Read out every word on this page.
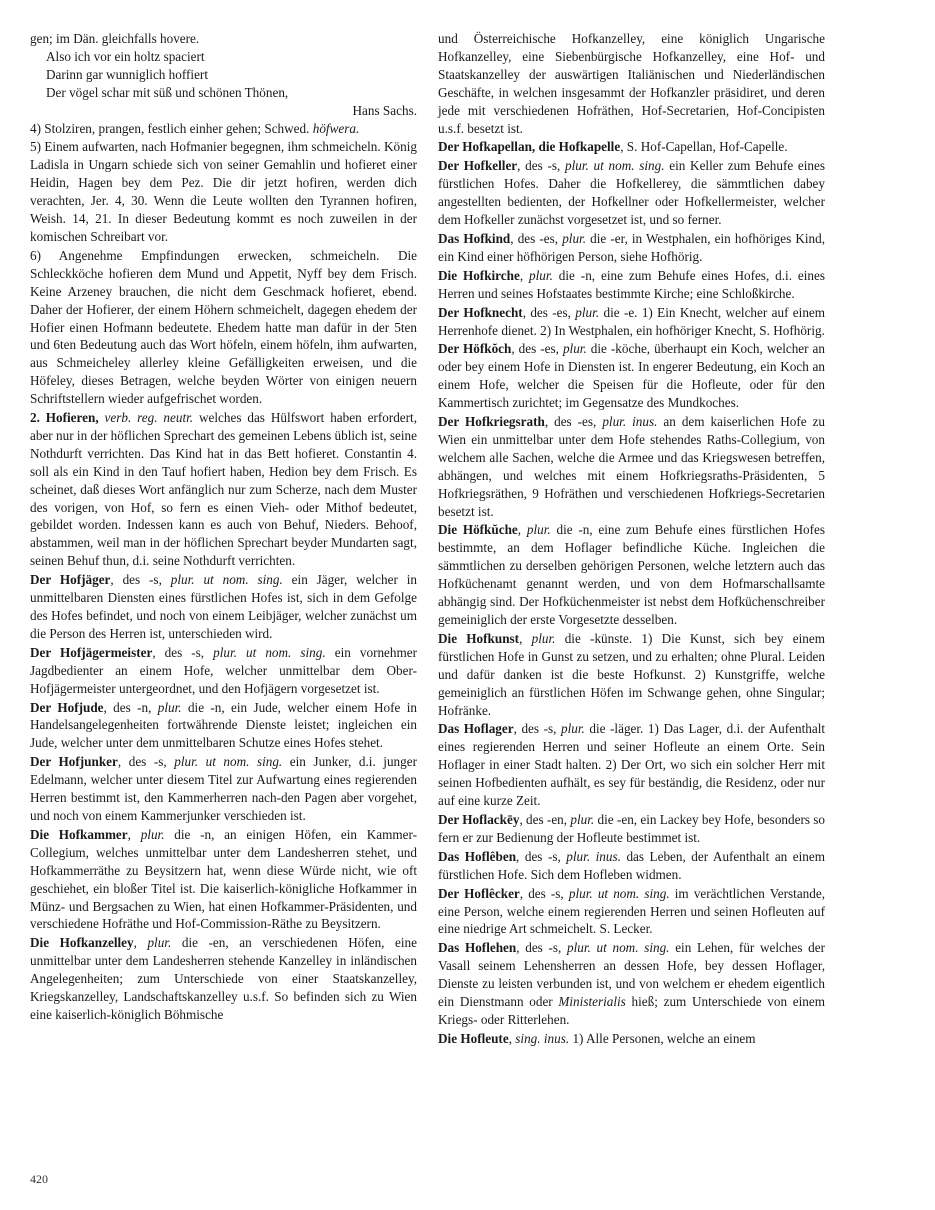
gen; im Dän. gleichfalls hovere.

Also ich vor ein holtz spaciert
Darinn gar wunniglich hoffiert
Der vögel schar mit süß und schönen Thönen,

Hans Sachs.

4) Stolziren, prangen, festlich einher gehen; Schwed. höfwera.

5) Einem aufwarten, nach Hofmanier begegnen, ihm schmeicheln. König Ladisla in Ungarn schiede sich von seiner Gemahlin und hofieret einer Heidin, Hagen bey dem Pez. Die dir jetzt hofiren, werden dich verachten, Jer. 4, 30. Wenn die Leute wollten den Tyrannen hofiren, Weish. 14, 21. In dieser Bedeutung kommt es noch zuweilen in der komischen Schreibart vor.

6) Angenehme Empfindungen erwecken, schmeicheln. Die Schleckköche hofieren dem Mund und Appetit, Nyff bey dem Frisch. Keine Arzeney brauchen, die nicht dem Geschmack hofieret, ebend. Daher der Hofierer, der einem Höhern schmeichelt, dagegen ehedem der Hofier einen Hofmann bedeutete. Ehedem hatte man dafür in der 5ten und 6ten Bedeutung auch das Wort höfeln, einem höfeln, ihm aufwarten, aus Schmeicheley allerley kleine Gefälligkeiten erweisen, und die Höfeley, dieses Betragen, welche beyden Wörter von einigen neuern Schriftstellern wieder aufgefrischet worden.

2. Hofieren, verb. reg. neutr. welches das Hülfswort haben erfordert, aber nur in der höflichen Sprechart des gemeinen Lebens üblich ist, seine Nothdurft verrichten. Das Kind hat in das Bett hofieret. Constantin 4. soll als ein Kind in den Tauf hofiert haben, Hedion bey dem Frisch. Es scheinet, daß dieses Wort anfänglich nur zum Scherze, nach dem Muster des vorigen, von Hof, so fern es einen Vieh- oder Mithof bedeutet, gebildet worden. Indessen kann es auch von Behuf, Nieders. Behoof, abstammen, weil man in der höflichen Sprechart beyder Mundarten sagt, seinen Behuf thun, d.i. seine Nothdurft verrichten.

Der Hofjäger, des -s, plur. ut nom. sing. ein Jäger, welcher in unmittelbaren Diensten eines fürstlichen Hofes ist, sich in dem Gefolge des Hofes befindet, und noch von einem Leibjäger, welcher zunächst um die Person des Herren ist, unterschieden wird.

Der Hofjägermeister, des -s, plur. ut nom. sing. ein vornehmer Jagdbedienter an einem Hofe, welcher unmittelbar dem Ober-Hofjägermeister untergeordnet, und den Hofjägern vorgesetzet ist.

Der Hofjude, des -n, plur. die -n, ein Jude, welcher einem Hofe in Handelsangelegenheiten fortwährende Dienste leistet; ingleichen ein Jude, welcher unter dem unmittelbaren Schutze eines Hofes stehet.

Der Hofjunker, des -s, plur. ut nom. sing. ein Junker, d.i. junger Edelmann, welcher unter diesem Titel zur Aufwartung eines regierenden Herren bestimmt ist, den Kammerherren nach-den Pagen aber vorgehet, und noch von einem Kammerjunker verschieden ist.

Die Hofkammer, plur. die -n, an einigen Höfen, ein Kammer-Collegium, welches unmittelbar unter dem Landesherren stehet, und Hofkammerräthe zu Beysitzern hat, wenn diese Würde nicht, wie oft geschiehet, ein bloßer Titel ist. Die kaiserlich-königliche Hofkammer in Münz- und Bergsachen zu Wien, hat einen Hofkammer-Präsidenten, und verschiedene Hofräthe und Hof-Commission-Räthe zu Beysitzern.

Die Hofkanzelley, plur. die -en, an verschiedenen Höfen, eine unmittelbar unter dem Landesherren stehende Kanzelley in inländischen Angelegenheiten; zum Unterschiede von einer Staatskanzelley, Kriegskanzelley, Landschaftskanzelley u.s.f. So befinden sich zu Wien eine kaiserlich-königlich Böhmische

und Österreichische Hofkanzelley, eine königlich Ungarische Hofkanzelley, eine Siebenbürgische Hofkanzelley, eine Hof- und Staatskanzelley der auswärtigen Italiänischen und Niederländischen Geschäfte, in welchen insgesammt der Hofkanzler präsidiret, und deren jede mit verschiedenen Hofräthen, Hof-Secretarien, Hof-Concipisten u.s.f. besetzt ist.

Der Hofkapellan, die Hofkapelle, S. Hof-Capellan, Hof-Capelle.

Der Hofkeller, des -s, plur. ut nom. sing. ein Keller zum Behufe eines fürstlichen Hofes. Daher die Hofkellerey, die sämmtlichen dabey angestellten bedienten, der Hofkellner oder Hofkellermeister, welcher dem Hofkeller zunächst vorgesetzet ist, und so ferner.

Das Hofkind, des -es, plur. die -er, in Westphalen, ein hofhöriges Kind, ein Kind einer höfhörigen Person, siehe Hofhörig.

Die Hofkirche, plur. die -n, eine zum Behufe eines Hofes, d.i. eines Herren und seines Hofstaates bestimmte Kirche; eine Schloßkirche.

Der Hofknecht, des -es, plur. die -e. 1) Ein Knecht, welcher auf einem Herrenhofe dienet. 2) In Westphalen, ein hofhöriger Knecht, S. Hofhörig.

Der Höfkŏch, des -es, plur. die -köche, überhaupt ein Koch, welcher an oder bey einem Hofe in Diensten ist. In engerer Bedeutung, ein Koch an einem Hofe, welcher die Speisen für die Hofleute, oder für den Kammertisch zurichtet; im Gegensatze des Mundkoches.

Der Hofkriegsrath, des -es, plur. inus. an dem kaiserlichen Hofe zu Wien ein unmittelbar unter dem Hofe stehendes Raths-Collegium, von welchem alle Sachen, welche die Armee und das Kriegswesen betreffen, abhängen, und welches mit einem Hofkriegsraths-Präsidenten, 5 Hofkriegsräthen, 9 Hofräthen und verschiedenen Hofkriegs-Secretarien besetzt ist.

Die Höfkŭche, plur. die -n, eine zum Behufe eines fürstlichen Hofes bestimmte, an dem Hoflager befindliche Küche. Ingleichen die sämmtlichen zu derselben gehörigen Personen, welche letztern auch das Hofküchenamt genannt werden, und von dem Hofmarschallsamte abhängig sind. Der Hofküchenmeister ist nebst dem Hofküchenschreiber gemeiniglich der erste Vorgesetzte desselben.

Die Hofkunst, plur. die -künste. 1) Die Kunst, sich bey einem fürstlichen Hofe in Gunst zu setzen, und zu erhalten; ohne Plural. Leiden und dafür danken ist die beste Hofkunst. 2) Kunstgriffe, welche gemeiniglich an fürstlichen Höfen im Schwange gehen, ohne Singular; Hofränke.

Das Hoflager, des -s, plur. die -läger. 1) Das Lager, d.i. der Aufenthalt eines regierenden Herren und seiner Hofleute an einem Orte. Sein Hoflager in einer Stadt halten. 2) Der Ort, wo sich ein solcher Herr mit seinen Hofbedienten aufhält, es sey für beständig, die Residenz, oder nur auf eine kurze Zeit.

Der Hoflackēy, des -en, plur. die -en, ein Lackey bey Hofe, besonders so fern er zur Bedienung der Hofleute bestimmet ist.

Das Hoflêben, des -s, plur. inus. das Leben, der Aufenthalt an einem fürstlichen Hofe. Sich dem Hofleben widmen.

Der Hoflêcker, des -s, plur. ut nom. sing. im verächtlichen Verstande, eine Person, welche einem regierenden Herren und seinen Hofleuten auf eine niedrige Art schmeichelt. S. Lecker.

Das Hoflehen, des -s, plur. ut nom. sing. ein Lehen, für welches der Vasall seinem Lehensherren an dessen Hofe, bey dessen Hoflager, Dienste zu leisten verbunden ist, und von welchem er ehedem eigentlich ein Dienstmann oder Ministerialis hieß; zum Unterschiede von einem Kriegs- oder Ritterlehen.

Die Hofleute, sing. inus. 1) Alle Personen, welche an einem

420
